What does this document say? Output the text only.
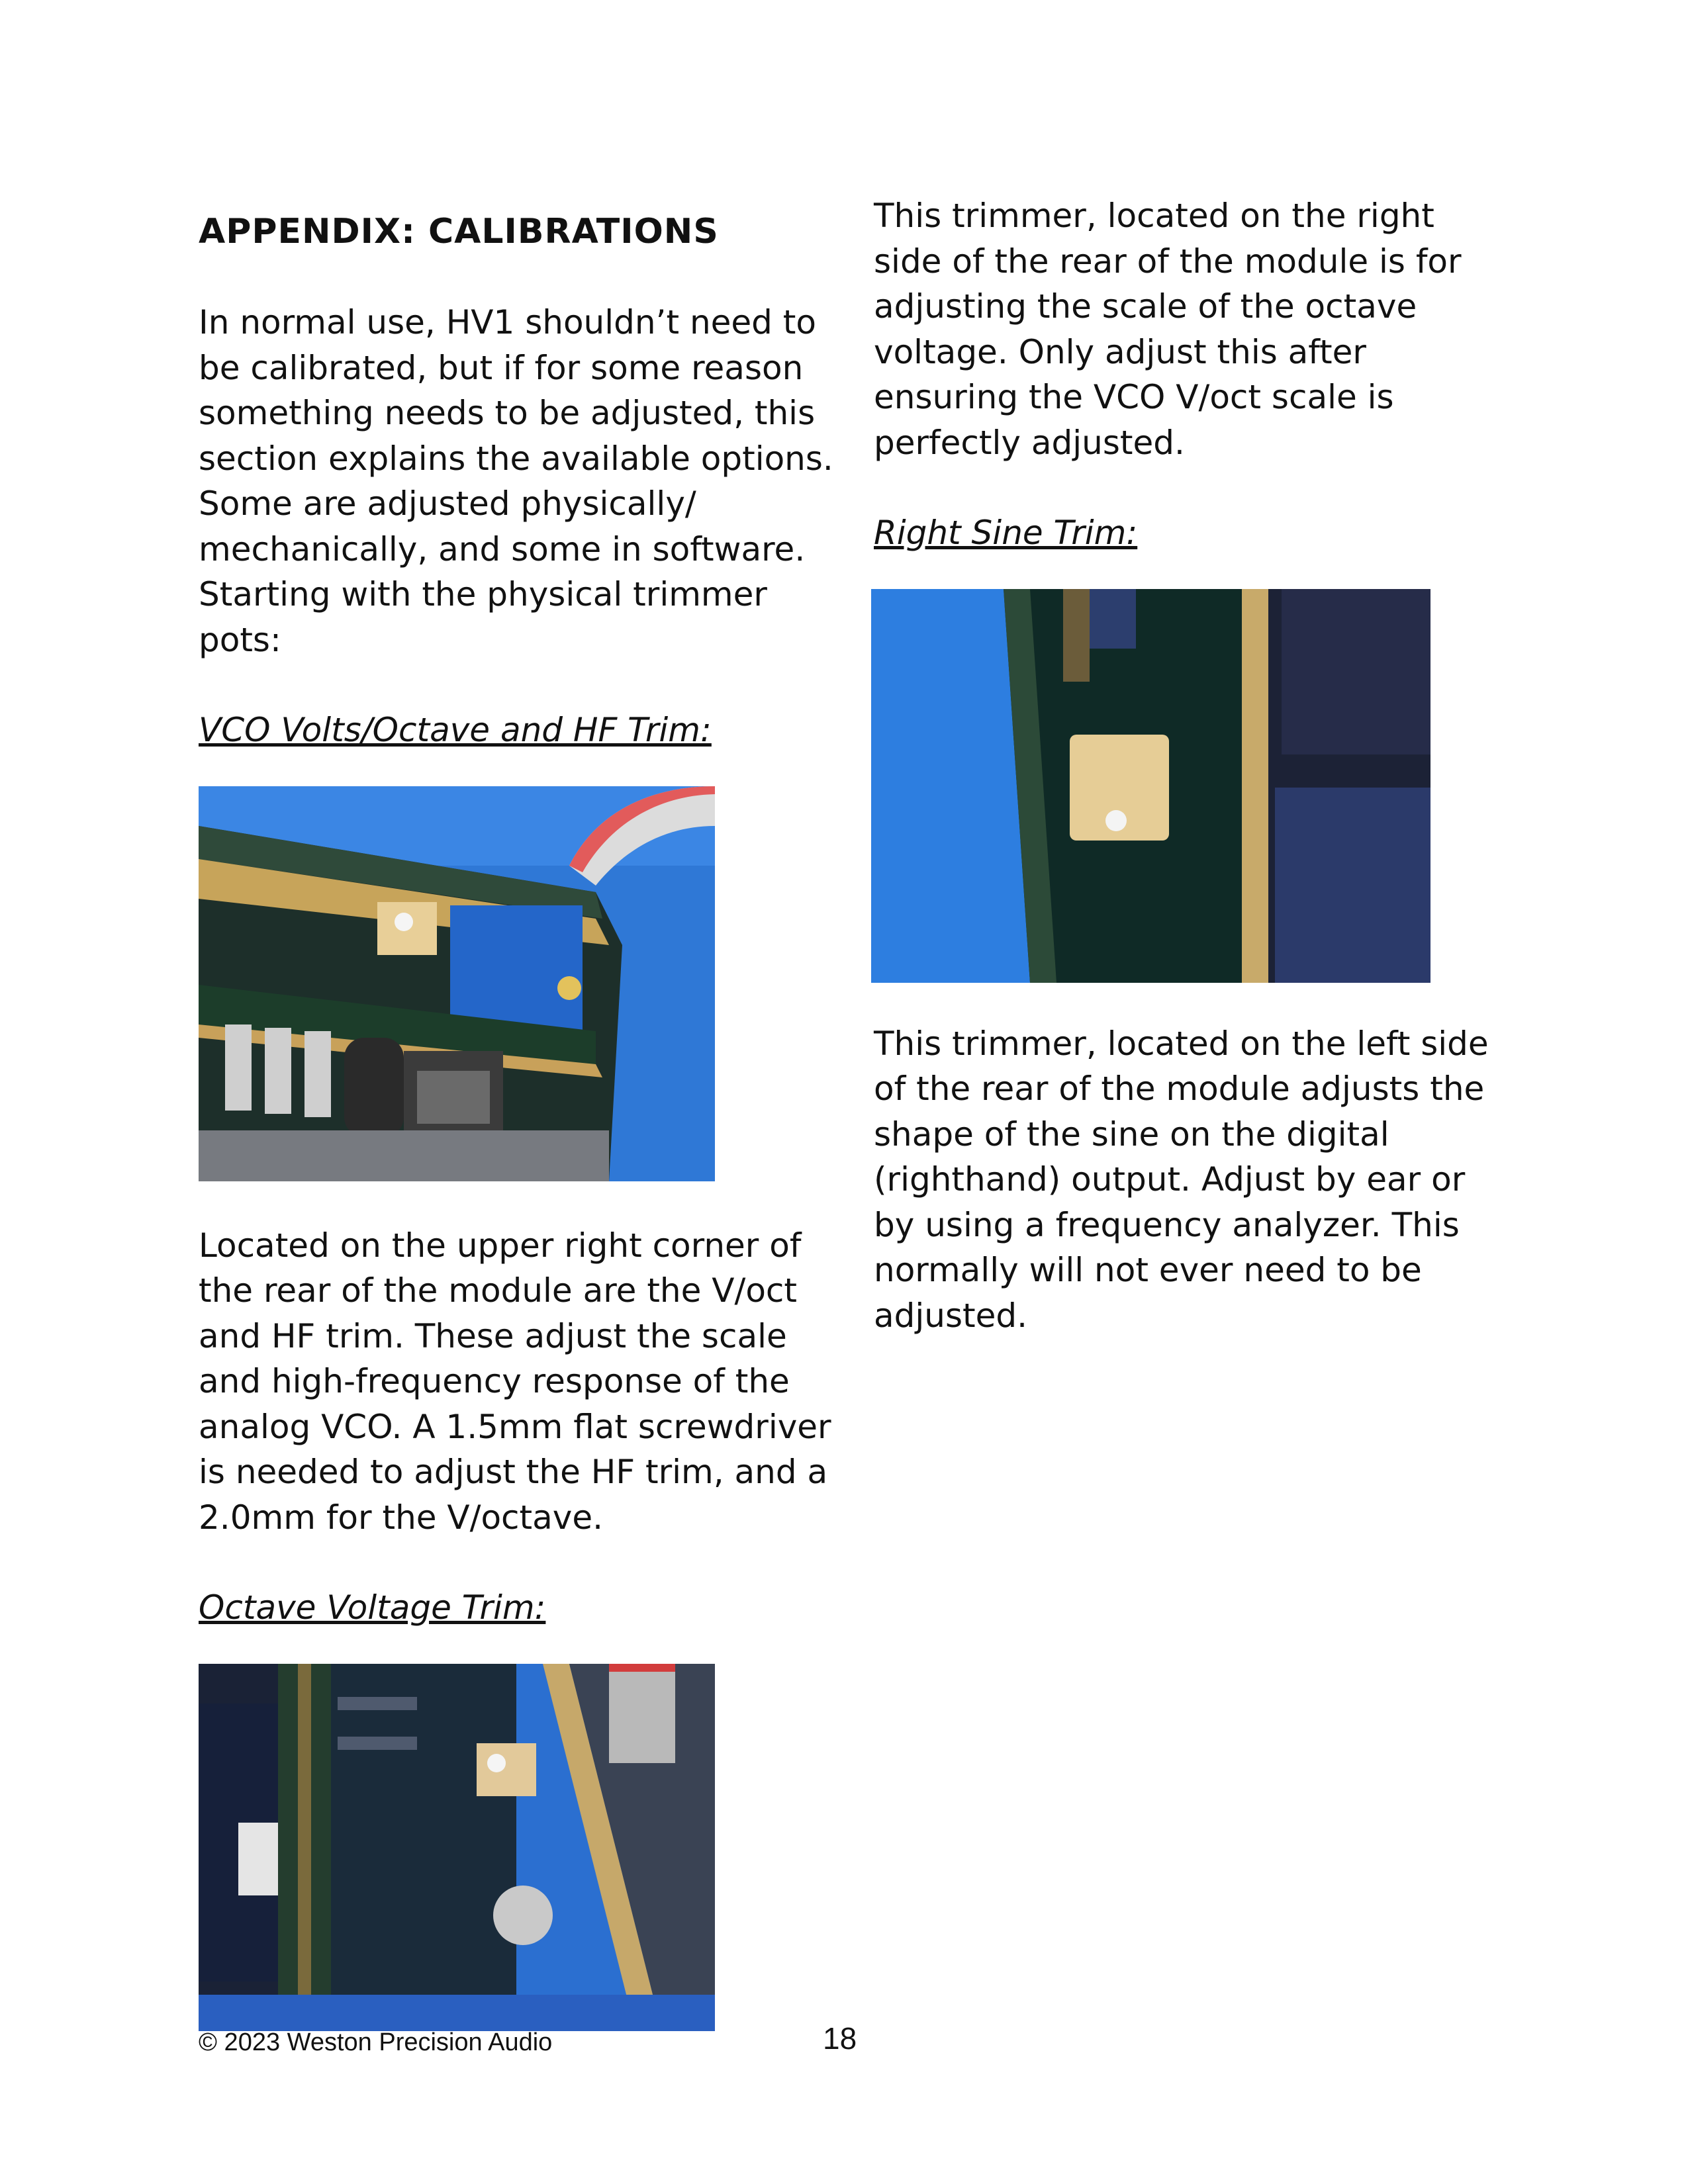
APPENDIX: CALIBRATIONS

In normal use, HV1 shouldn’t need to be calibrated, but if for some reason something needs to be adjusted, this section explains the available options. Some are adjusted physically/ mechanically, and some in software. Starting with the physical trimmer pots:

VCO Volts/Octave and HF Trim:

Located on the upper right corner of the rear of the module are the V/oct and HF trim. These adjust the scale and high-frequency response of the analog VCO. A 1.5mm flat screwdriver is needed to adjust the HF trim, and a 2.0mm for the V/octave.

Octave Voltage Trim:

This trimmer, located on the right side of the rear of the module is for adjusting the scale of the octave voltage. Only adjust this after ensuring the VCO V/oct scale is perfectly adjusted.

Right Sine Trim:

This trimmer, located on the left side of the rear of the module adjusts the shape of the sine on the digital (righthand) output. Adjust by ear or by using a frequency analyzer. This normally will not ever need to be adjusted.

© 2023 Weston Precision Audio	18
